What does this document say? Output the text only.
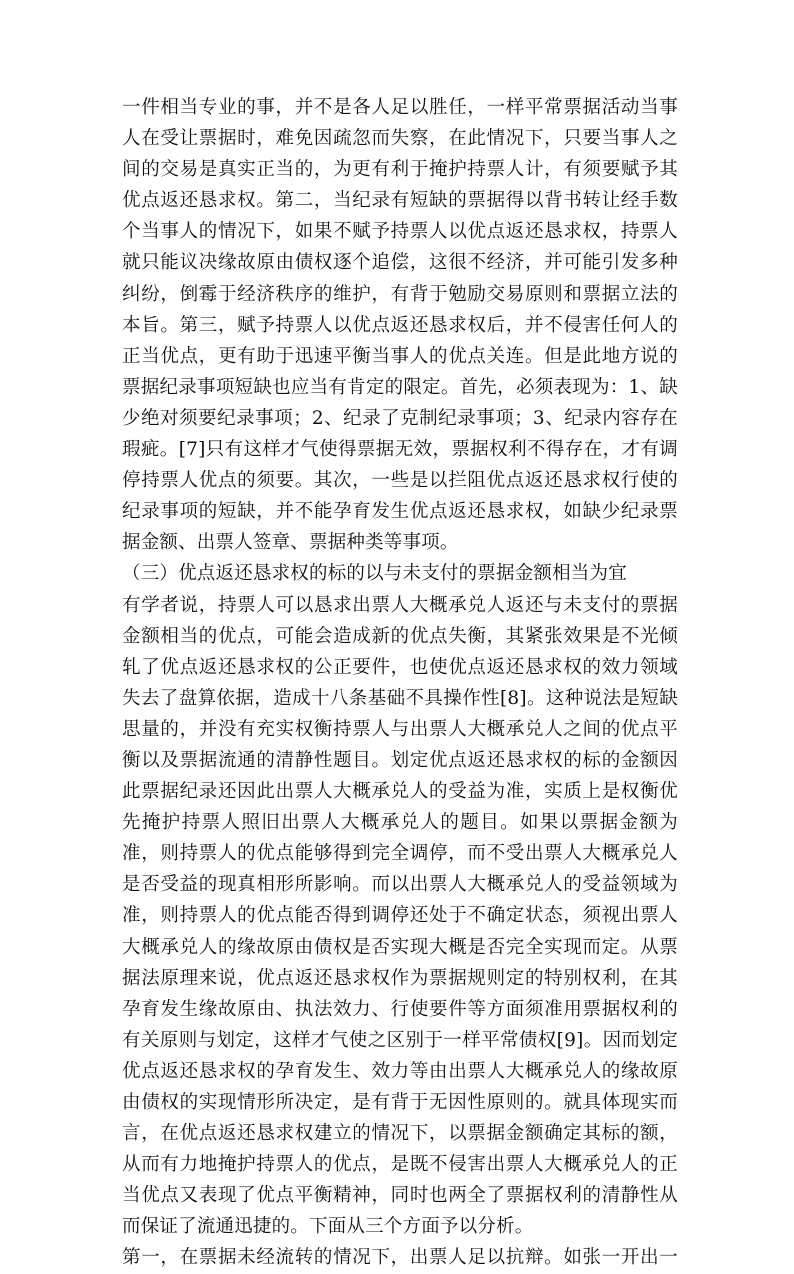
一件相当专业的事，并不是各人足以胜任，一样平常票据活动当事
人在受让票据时，难免因疏忽而失察，在此情况下，只要当事人之
间的交易是真实正当的，为更有利于掩护持票人计，有须要赋予其
优点返还恳求权。第二，当纪录有短缺的票据得以背书转让经手数
个当事人的情况下，如果不赋予持票人以优点返还恳求权，持票人
就只能议决缘故原由债权逐个追偿，这很不经济，并可能引发多种
纠纷，倒霉于经济秩序的维护，有背于勉励交易原则和票据立法的
本旨。第三，赋予持票人以优点返还恳求权后，并不侵害任何人的
正当优点，更有助于迅速平衡当事人的优点关连。但是此地方说的
票据纪录事项短缺也应当有肯定的限定。首先，必须表现为：1、缺
少绝对须要纪录事项；2、纪录了克制纪录事项；3、纪录内容存在
瑕疵。[7]只有这样才气使得票据无效，票据权利不得存在，才有调
停持票人优点的须要。其次，一些是以拦阻优点返还恳求权行使的
纪录事项的短缺，并不能孕育发生优点返还恳求权，如缺少纪录票
据金额、出票人签章、票据种类等事项。
（三）优点返还恳求权的标的以与未支付的票据金额相当为宜
有学者说，持票人可以恳求出票人大概承兑人返还与未支付的票据
金额相当的优点，可能会造成新的优点失衡，其紧张效果是不光倾
轧了优点返还恳求权的公正要件，也使优点返还恳求权的效力领域
失去了盘算依据，造成十八条基础不具操作性[8]。这种说法是短缺
思量的，并没有充实权衡持票人与出票人大概承兑人之间的优点平
衡以及票据流通的清静性题目。划定优点返还恳求权的标的金额因
此票据纪录还因此出票人大概承兑人的受益为准，实质上是权衡优
先掩护持票人照旧出票人大概承兑人的题目。如果以票据金额为
准，则持票人的优点能够得到完全调停，而不受出票人大概承兑人
是否受益的现真相形所影响。而以出票人大概承兑人的受益领域为
准，则持票人的优点能否得到调停还处于不确定状态，须视出票人
大概承兑人的缘故原由债权是否实现大概是否完全实现而定。从票
据法原理来说，优点返还恳求权作为票据规则定的特别权利，在其
孕育发生缘故原由、执法效力、行使要件等方面须准用票据权利的
有关原则与划定，这样才气使之区别于一样平常债权[9]。因而划定
优点返还恳求权的孕育发生、效力等由出票人大概承兑人的缘故原
由债权的实现情形所决定，是有背于无因性原则的。就具体现实而
言，在优点返还恳求权建立的情况下，以票据金额确定其标的额，
从而有力地掩护持票人的优点，是既不侵害出票人大概承兑人的正
当优点又表现了优点平衡精神，同时也两全了票据权利的清静性从
而保证了流通迅捷的。下面从三个方面予以分析。
第一，在票据未经流转的情况下，出票人足以抗辩。如张一开出一
